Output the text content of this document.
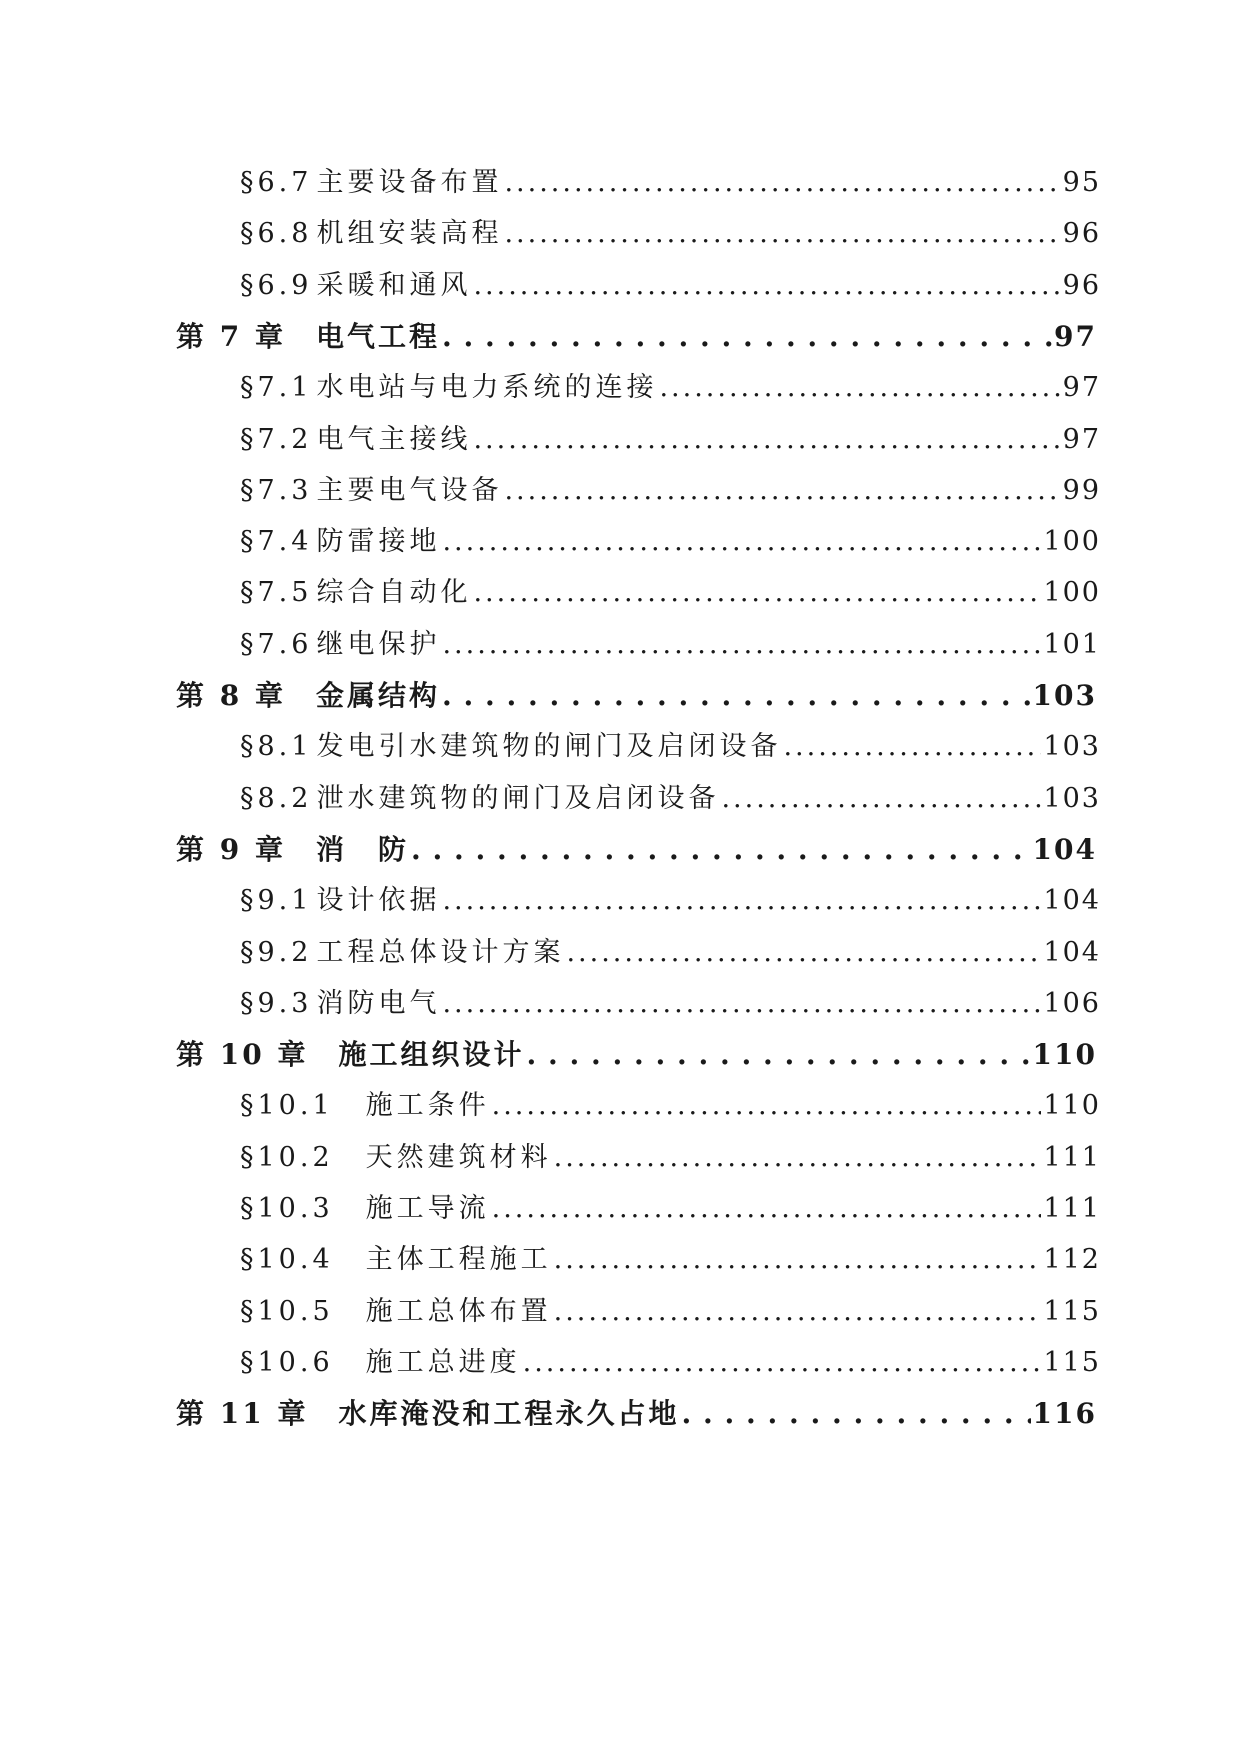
§6.7 主要设备布置 .....	95
§6.8 机组安装高程 .....	96
§6.9 采暖和通风 .....	96
第 7 章 电气工程 . . .	97
§7.1 水电站与电力系统的连接 .....	97
§7.2 电气主接线 .....	97
§7.3 主要电气设备 .....	99
§7.4 防雷接地 .....	100
§7.5 综合自动化 .....	100
§7.6 继电保护 .....	101
第 8 章 金属结构 . . .	103
§8.1 发电引水建筑物的闸门及启闭设备 .....	103
§8.2 泄水建筑物的闸门及启闭设备 .....	103
第 9 章 消　防 . . .	104
§9.1 设计依据 .....	104
§9.2 工程总体设计方案 .....	104
§9.3 消防电气 .....	106
第 10 章 施工组织设计 . . .	110
§10.1 施工条件 .....	110
§10.2 天然建筑材料 .....	111
§10.3 施工导流 .....	111
§10.4 主体工程施工 .....	112
§10.5 施工总体布置 .....	115
§10.6 施工总进度 .....	115
第 11 章 水库淹没和工程永久占地 . . .	116
